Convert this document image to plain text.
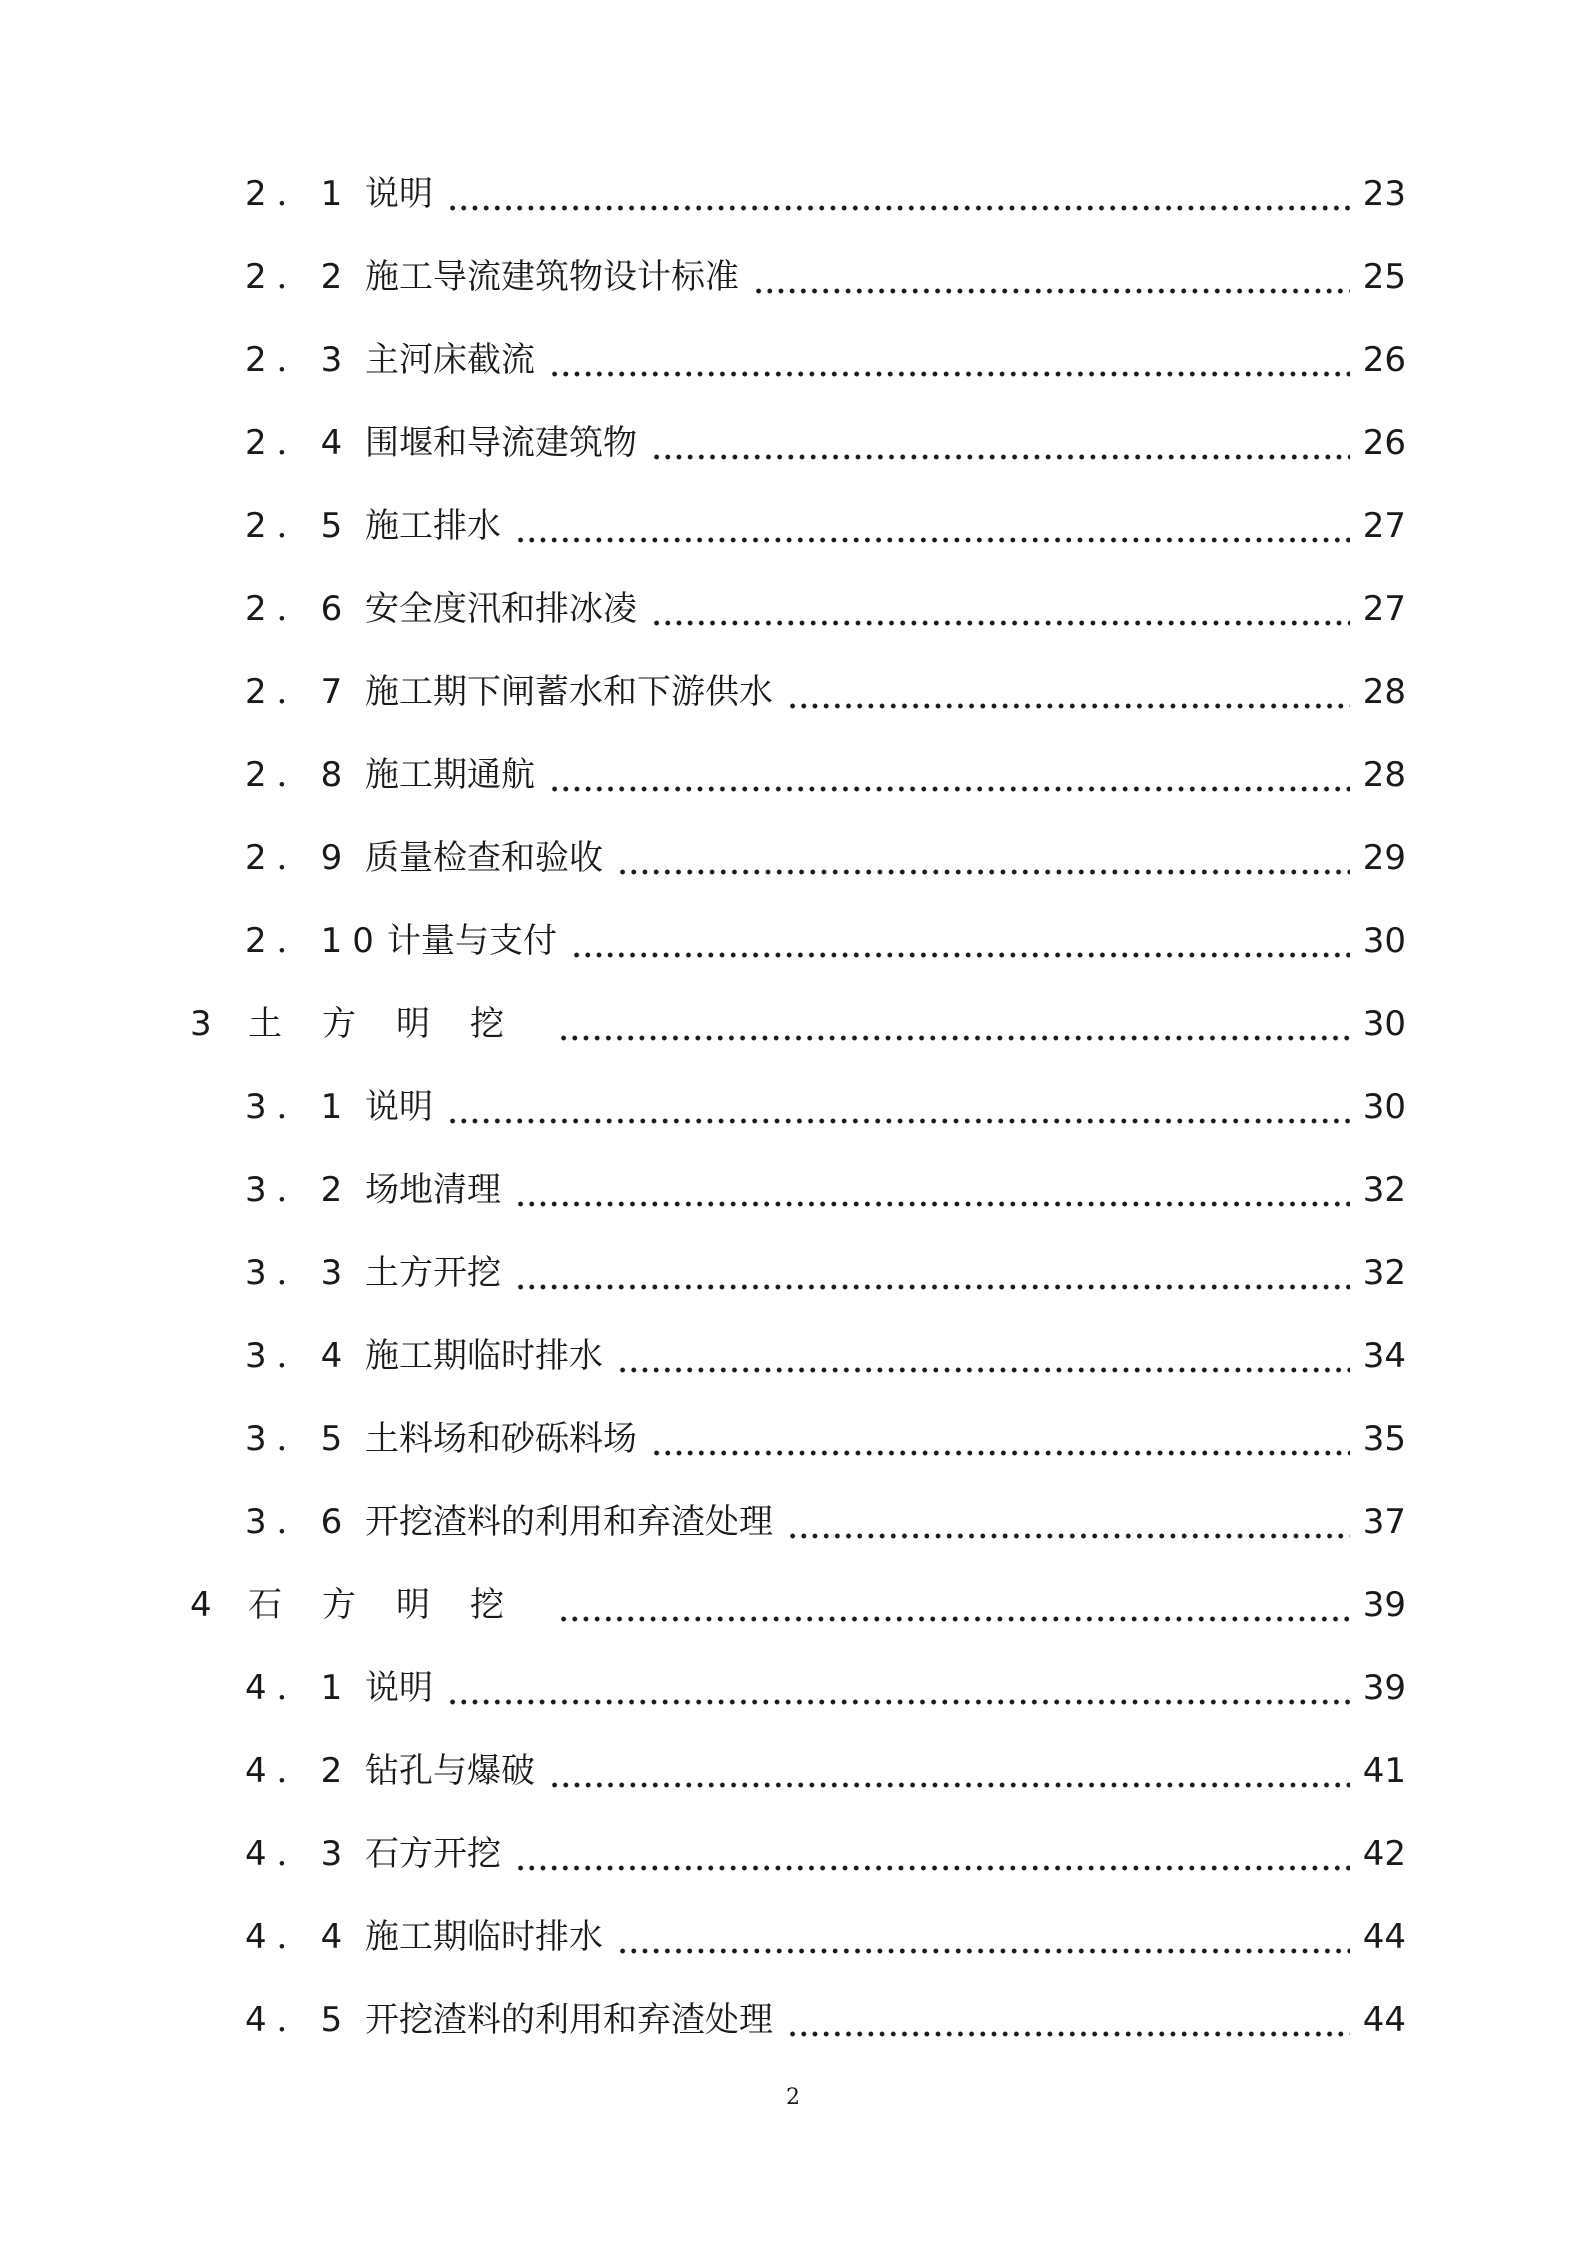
2．1 说明	23
2．2 施工导流建筑物设计标准	25
2．3 主河床截流	26
2．4 围堰和导流建筑物	26
2．5 施工排水	27
2．6 安全度汛和排冰凌	27
2．7 施工期下闸蓄水和下游供水	28
2．8 施工期通航	28
2．9 质量检查和验收	29
2．10 计量与支付	30
3 土方明挖	30
3．1 说明	30
3．2 场地清理	32
3．3 土方开挖	32
3．4 施工期临时排水	34
3．5 土料场和砂砾料场	35
3．6 开挖渣料的利用和弃渣处理	37
4 石方明挖	39
4．1 说明	39
4．2 钻孔与爆破	41
4．3 石方开挖	42
4．4 施工期临时排水	44
4．5 开挖渣料的利用和弃渣处理	44
2
